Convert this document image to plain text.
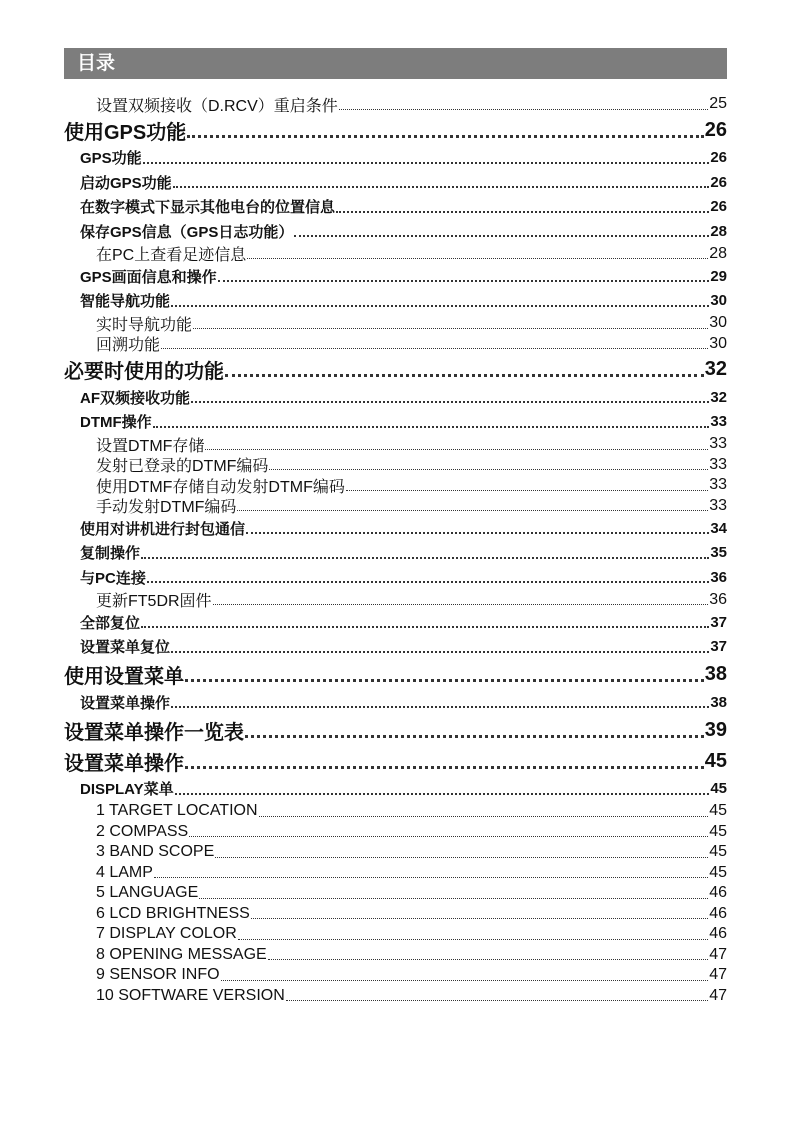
目录
设置双频接收（D.RCV）重启条件	25
使用GPS功能	26
GPS功能	26
启动GPS功能	26
在数字模式下显示其他电台的位置信息	26
保存GPS信息（GPS日志功能）	28
在PC上查看足迹信息	28
GPS画面信息和操作	29
智能导航功能	30
实时导航功能	30
回溯功能	30
必要时使用的功能	32
AF双频接收功能	32
DTMF操作	33
设置DTMF存储	33
发射已登录的DTMF编码	33
使用DTMF存储自动发射DTMF编码	33
手动发射DTMF编码	33
使用对讲机进行封包通信	34
复制操作	35
与PC连接	36
更新FT5DR固件	36
全部复位	37
设置菜单复位	37
使用设置菜单	38
设置菜单操作	38
设置菜单操作一览表	39
设置菜单操作	45
DISPLAY菜单	45
1 TARGET LOCATION	45
2 COMPASS	45
3 BAND SCOPE	45
4 LAMP	45
5 LANGUAGE	46
6 LCD BRIGHTNESS	46
7 DISPLAY COLOR	46
8 OPENING MESSAGE	47
9 SENSOR INFO	47
10 SOFTWARE VERSION	47
